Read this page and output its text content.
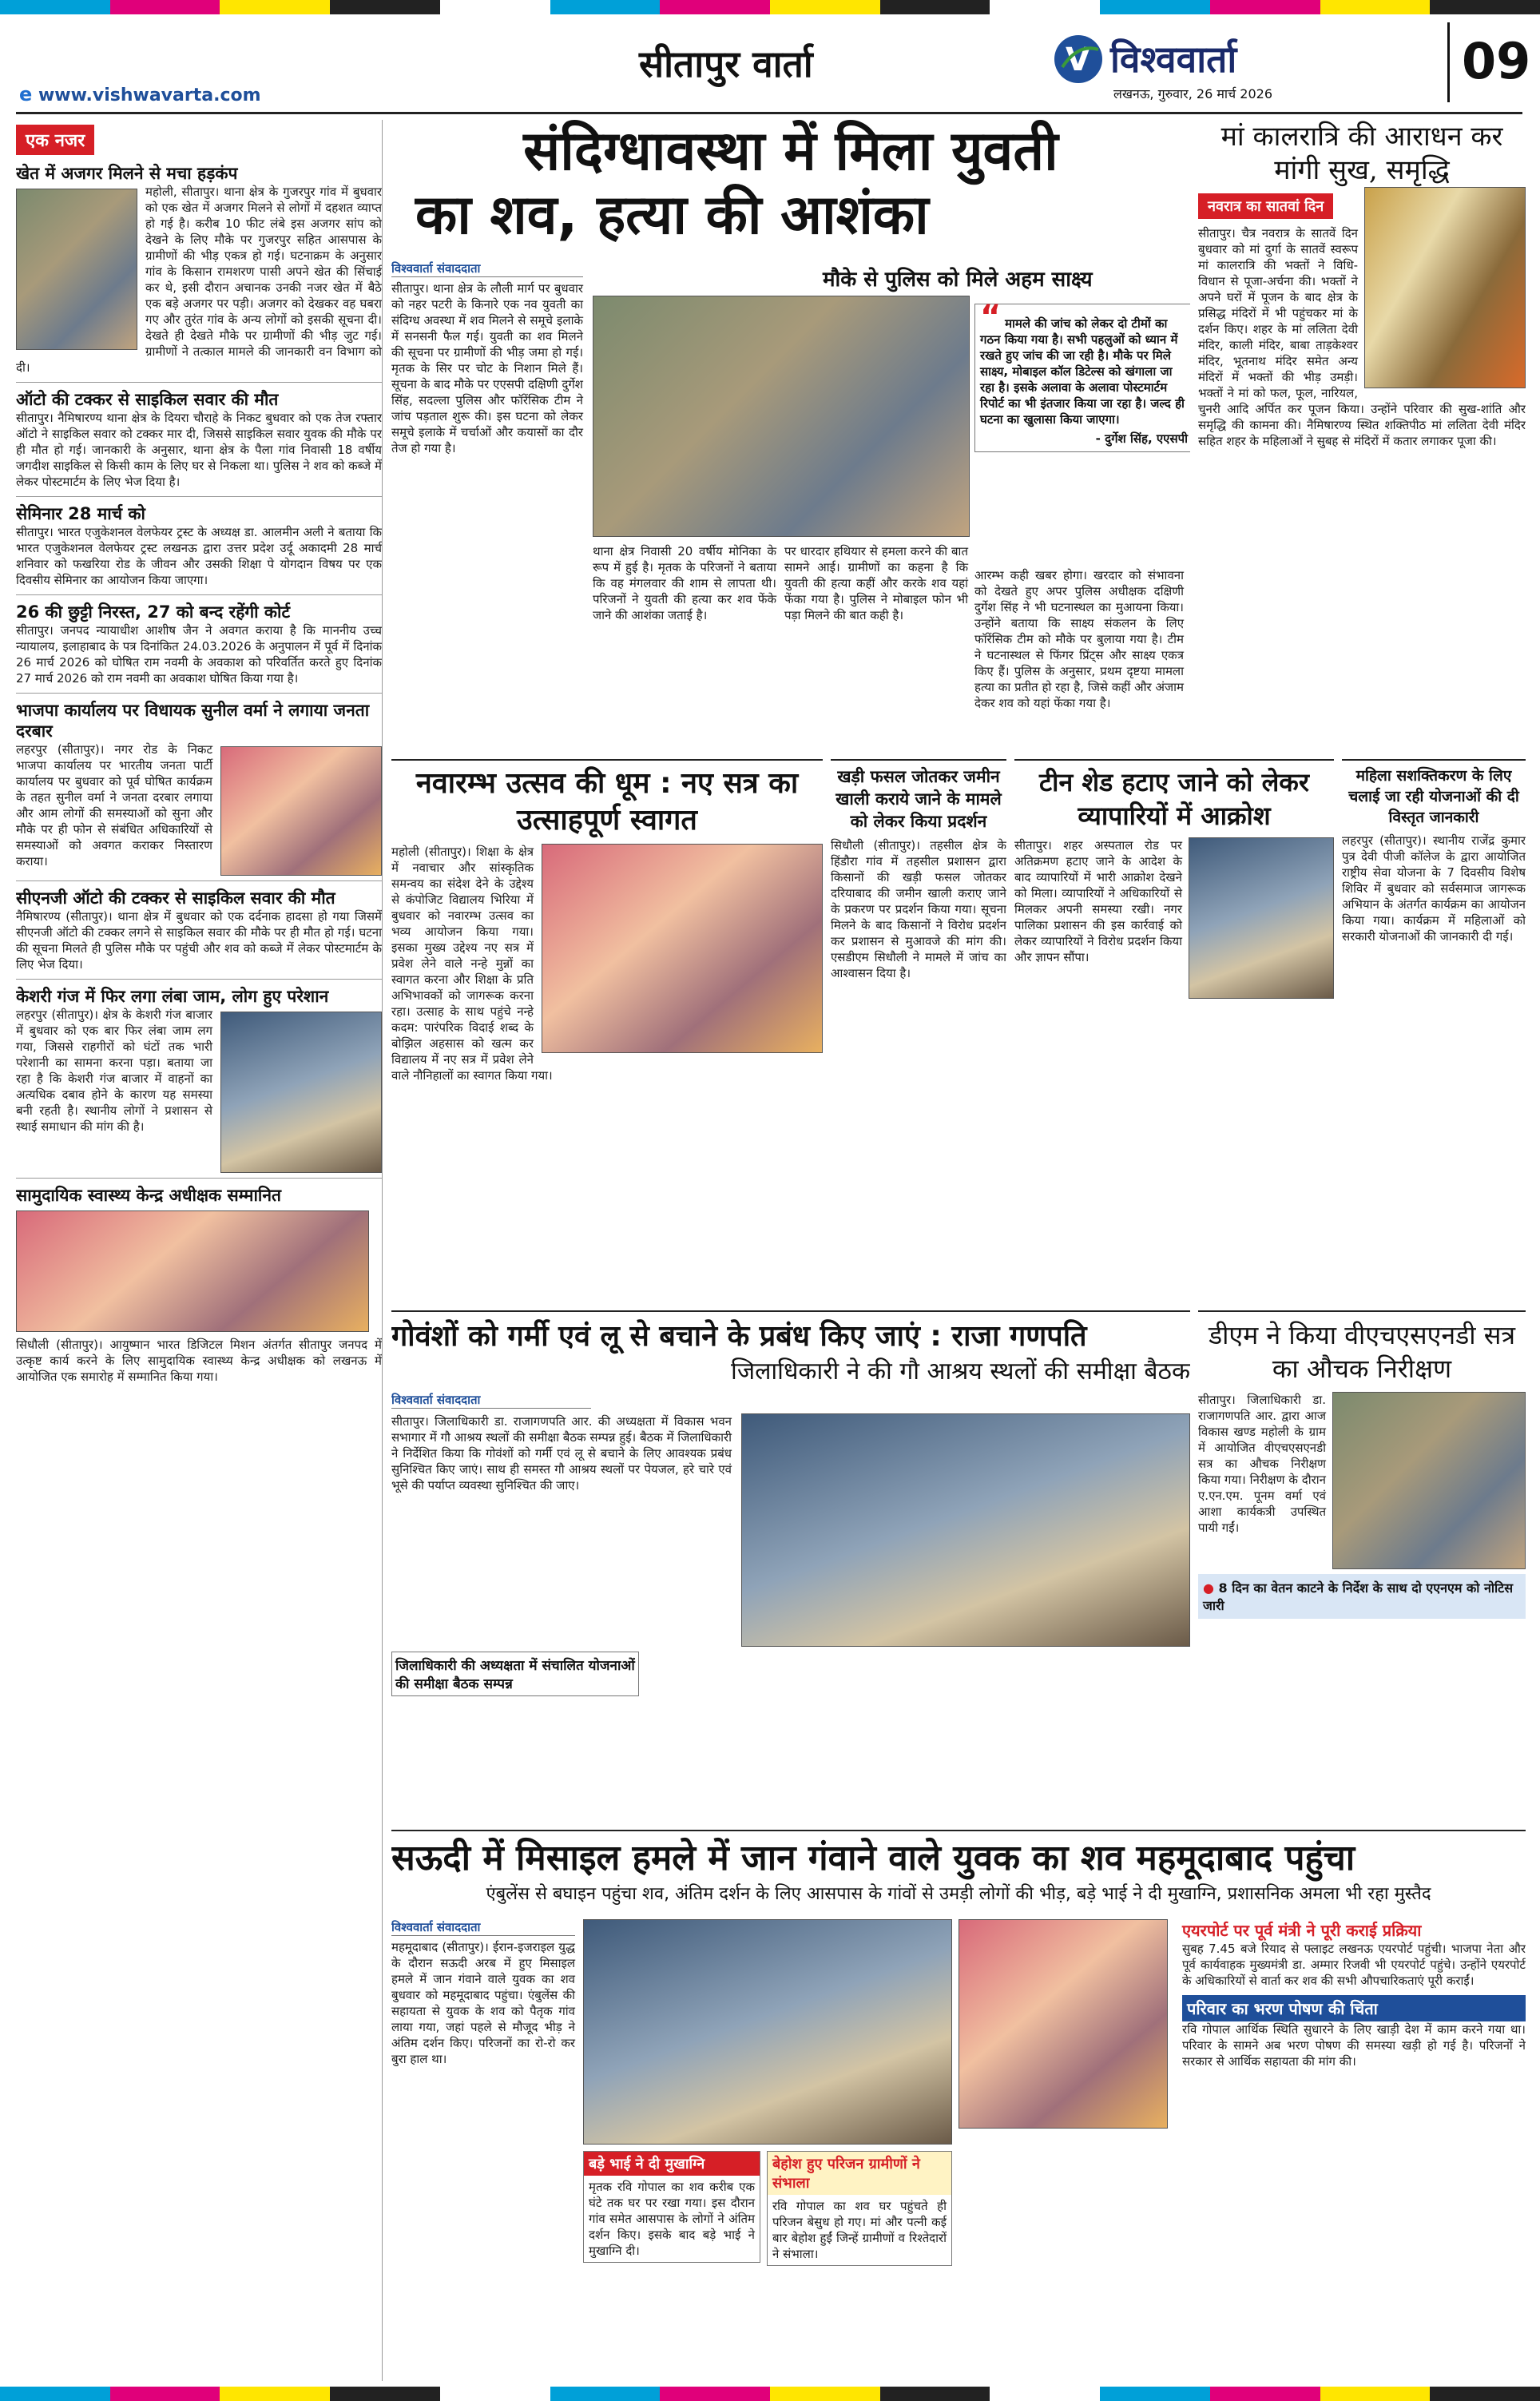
सीतापुर वार्ता	V विश्ववार्ता
लखनऊ, गुरुवार, 26 मार्च 2026
09
e www.vishwavarta.com
एक नजर
खेत में अजगर मिलने से मचा हड़कंप
महोली, सीतापुर। थाना क्षेत्र के गुजरपुर गांव में बुधवार को एक खेत में अजगर मिलने से लोगों में दहशत व्याप्त हो गई है। करीब 10 फीट लंबे इस अजगर सांप को देखने के लिए मौके पर गुजरपुर सहित आसपास के ग्रामीणों की भीड़ एकत्र हो गई। घटनाक्रम के अनुसार गांव के किसान रामशरण पासी अपने खेत की सिंचाई कर थे, इसी दौरान अचानक उनकी नजर खेत में बैठे एक बड़े अजगर पर पड़ी। अजगर को देखकर वह घबरा गए और तुरंत गांव के अन्य लोगों को इसकी सूचना दी। देखते ही देखते मौके पर ग्रामीणों की भीड़ जुट गई। ग्रामीणों ने तत्काल मामले की जानकारी वन विभाग को दी।
ऑटो की टक्कर से साइकिल सवार की मौत
सीतापुर। नैमिषारण्य थाना क्षेत्र के दियरा चौराहे के निकट बुधवार को एक तेज रफ्तार ऑटो ने साइकिल सवार को टक्कर मार दी, जिससे साइकिल सवार युवक की मौके पर ही मौत हो गई। जानकारी के अनुसार, थाना क्षेत्र के पैला गांव निवासी 18 वर्षीय जगदीश साइकिल से किसी काम के लिए घर से निकला था। पुलिस ने शव को कब्जे में लेकर पोस्टमार्टम के लिए भेज दिया है।
सेमिनार 28 मार्च को
सीतापुर। भारत एजुकेशनल वेलफेयर ट्रस्ट के अध्यक्ष डा. आलमीन अली ने बताया कि भारत एजुकेशनल वेलफेयर ट्रस्ट लखनऊ द्वारा उत्तर प्रदेश उर्दू अकादमी 28 मार्च शनिवार को फखरिया रोड के जीवन और उसकी शिक्षा पे योगदान विषय पर एक दिवसीय सेमिनार का आयोजन किया जाएगा।
26 की छुट्टी निरस्त, 27 को बन्द रहेंगी कोर्ट
सीतापुर। जनपद न्यायाधीश आशीष जैन ने अवगत कराया है कि माननीय उच्च न्यायालय, इलाहाबाद के पत्र दिनांकित 24.03.2026 के अनुपालन में पूर्व में दिनांक 26 मार्च 2026 को घोषित राम नवमी के अवकाश को परिवर्तित करते हुए दिनांक 27 मार्च 2026 को राम नवमी का अवकाश घोषित किया गया है।
भाजपा कार्यालय पर विधायक सुनील वर्मा ने लगाया जनता दरबार
लहरपुर (सीतापुर)। नगर रोड के निकट भाजपा कार्यालय पर भारतीय जनता पार्टी कार्यालय पर बुधवार को पूर्व घोषित कार्यक्रम के तहत सुनील वर्मा ने जनता दरबार लगाया और आम लोगों की समस्याओं को सुना और मौके पर ही फोन से संबंधित अधिकारियों से समस्याओं को अवगत कराकर निस्तारण कराया।
सीएनजी ऑटो की टक्कर से साइकिल सवार की मौत
नैमिषारण्य (सीतापुर)। थाना क्षेत्र में बुधवार को एक दर्दनाक हादसा हो गया जिसमें सीएनजी ऑटो की टक्कर लगने से साइकिल सवार की मौके पर ही मौत हो गई। घटना की सूचना मिलते ही पुलिस मौके पर पहुंची और शव को कब्जे में लेकर पोस्टमार्टम के लिए भेज दिया।
केशरी गंज में फिर लगा लंबा जाम, लोग हुए परेशान
लहरपुर (सीतापुर)। क्षेत्र के केशरी गंज बाजार में बुधवार को एक बार फिर लंबा जाम लग गया, जिससे राहगीरों को घंटों तक भारी परेशानी का सामना करना पड़ा। बताया जा रहा है कि केशरी गंज बाजार में वाहनों का अत्यधिक दबाव होने के कारण यह समस्या बनी रहती है। स्थानीय लोगों ने प्रशासन से स्थाई समाधान की मांग की है।
सामुदायिक स्वास्थ्य केन्द्र अधीक्षक सम्मानित
सिधौली (सीतापुर)। आयुष्मान भारत डिजिटल मिशन अंतर्गत सीतापुर जनपद में उत्कृष्ट कार्य करने के लिए सामुदायिक स्वास्थ्य केन्द्र अधीक्षक को लखनऊ में आयोजित एक समारोह में सम्मानित किया गया।
संदिग्धावस्था में मिला युवती
का शव, हत्या की आशंका
मौके से पुलिस को मिले अहम साक्ष्य
विश्ववार्ता संवाददाता
सीतापुर। थाना क्षेत्र के लौली मार्ग पर बुधवार को नहर पटरी के किनारे एक नव युवती का संदिग्ध अवस्था में शव मिलने से समूचे इलाके में सनसनी फैल गई। युवती का शव मिलने की सूचना पर ग्रामीणों की भीड़ जमा हो गई। मृतक के सिर पर चोट के निशान मिले हैं। सूचना के बाद मौके पर एएसपी दक्षिणी दुर्गेश सिंह, सदल्ला पुलिस और फॉरेंसिक टीम ने जांच पड़ताल शुरू की। इस घटना को लेकर समूचे इलाके में चर्चाओं और कयासों का दौर तेज हो गया है।
“ मामले की जांच को लेकर दो टीमों का गठन किया गया है। सभी पहलुओं को ध्यान में रखते हुए जांच की जा रही है। मौके पर मिले साक्ष्य, मोबाइल कॉल डिटेल्स को खंगाला जा रहा है। इसके अलावा के अलावा पोस्टमार्टम रिपोर्ट का भी इंतजार किया जा रहा है। जल्द ही घटना का खुलासा किया जाएगा।
- दुर्गेश सिंह, एएसपी
थाना क्षेत्र निवासी 20 वर्षीय मोनिका के रूप में हुई है। मृतक के परिजनों ने बताया कि वह मंगलवार की शाम से लापता थी। परिजनों ने युवती की हत्या कर शव फेंके जाने की आशंका जताई है।
पर धारदार हथियार से हमला करने की बात सामने आई। ग्रामीणों का कहना है कि युवती की हत्या कहीं और करके शव यहां फेंका गया है। पुलिस ने मोबाइल फोन भी पड़ा मिलने की बात कही है।
आरम्भ कही खबर होगा। खरदार को संभावना को देखते हुए अपर पुलिस अधीक्षक दक्षिणी दुर्गेश सिंह ने भी घटनास्थल का मुआयना किया। उन्होंने बताया कि साक्ष्य संकलन के लिए फॉरेंसिक टीम को मौके पर बुलाया गया है। टीम ने घटनास्थल से फिंगर प्रिंट्स और साक्ष्य एकत्र किए हैं। पुलिस के अनुसार, प्रथम दृष्टया मामला हत्या का प्रतीत हो रहा है, जिसे कहीं और अंजाम देकर शव को यहां फेंका गया है।
मां कालरात्रि की आराधन कर मांगी सुख, समृद्धि
नवरात्र का सातवां दिन
सीतापुर। चैत्र नवरात्र के सातवें दिन बुधवार को मां दुर्गा के सातवें स्वरूप मां कालरात्रि की भक्तों ने विधि-विधान से पूजा-अर्चना की। भक्तों ने अपने घरों में पूजन के बाद क्षेत्र के प्रसिद्ध मंदिरों में भी पहुंचकर मां के दर्शन किए। शहर के मां ललिता देवी मंदिर, काली मंदिर, बाबा ताड़केश्वर मंदिर, भूतनाथ मंदिर समेत अन्य मंदिरों में भक्तों की भीड़ उमड़ी। भक्तों ने मां को फल, फूल, नारियल, चुनरी आदि अर्पित कर पूजन किया। उन्होंने परिवार की सुख-शांति और समृद्धि की कामना की। नैमिषारण्य स्थित शक्तिपीठ मां ललिता देवी मंदिर सहित शहर के महिलाओं ने सुबह से मंदिरों में कतार लगाकर पूजा की।
नवारम्भ उत्सव की धूम : नए सत्र का उत्साहपूर्ण स्वागत
महोली (सीतापुर)। शिक्षा के क्षेत्र में नवाचार और सांस्कृतिक समन्वय का संदेश देने के उद्देश्य से कंपोजिट विद्यालय भिरिया में बुधवार को नवारम्भ उत्सव का भव्य आयोजन किया गया। इसका मुख्य उद्देश्य नए सत्र में प्रवेश लेने वाले नन्हे मुन्नों का स्वागत करना और शिक्षा के प्रति अभिभावकों को जागरूक करना रहा। उत्साह के साथ पहुंचे नन्हे कदम: पारंपरिक विदाई शब्द के बोझिल अहसास को खत्म कर विद्यालय में नए सत्र में प्रवेश लेने वाले नौनिहालों का स्वागत किया गया।
खड़ी फसल जोतकर जमीन खाली कराये जाने के मामले को लेकर किया प्रदर्शन
सिधौली (सीतापुर)। तहसील क्षेत्र के हिंडौरा गांव में तहसील प्रशासन द्वारा किसानों की खड़ी फसल जोतकर दरियाबाद की जमीन खाली कराए जाने के प्रकरण पर प्रदर्शन किया गया। सूचना मिलने के बाद किसानों ने विरोध प्रदर्शन कर प्रशासन से मुआवजे की मांग की। एसडीएम सिधौली ने मामले में जांच का आश्वासन दिया है।
टीन शेड हटाए जाने को लेकर व्यापारियों में आक्रोश
सीतापुर। शहर अस्पताल रोड पर अतिक्रमण हटाए जाने के आदेश के बाद व्यापारियों में भारी आक्रोश देखने को मिला। व्यापारियों ने अधिकारियों से मिलकर अपनी समस्या रखी। नगर पालिका प्रशासन की इस कार्रवाई को लेकर व्यापारियों ने विरोध प्रदर्शन किया और ज्ञापन सौंपा।
महिला सशक्तिकरण के लिए चलाई जा रही योजनाओं की दी विस्तृत जानकारी
लहरपुर (सीतापुर)। स्थानीय राजेंद्र कुमार पुत्र देवी पीजी कॉलेज के द्वारा आयोजित राष्ट्रीय सेवा योजना के 7 दिवसीय विशेष शिविर में बुधवार को सर्वसमाज जागरूक अभियान के अंतर्गत कार्यक्रम का आयोजन किया गया। कार्यक्रम में महिलाओं को सरकारी योजनाओं की जानकारी दी गई।
गोवंशों को गर्मी एवं लू से बचाने के प्रबंध किए जाएं : राजा गणपति
जिलाधिकारी ने की गौ आश्रय स्थलों की समीक्षा बैठक
विश्ववार्ता संवाददाता
सीतापुर। जिलाधिकारी डा. राजागणपति आर. की अध्यक्षता में विकास भवन सभागार में गौ आश्रय स्थलों की समीक्षा बैठक सम्पन्न हुई। बैठक में जिलाधिकारी ने निर्देशित किया कि गोवंशों को गर्मी एवं लू से बचाने के लिए आवश्यक प्रबंध सुनिश्चित किए जाएं। साथ ही समस्त गौ आश्रय स्थलों पर पेयजल, हरे चारे एवं भूसे की पर्याप्त व्यवस्था सुनिश्चित की जाए।
जिलाधिकारी की अध्यक्षता में संचालित योजनाओं की समीक्षा बैठक सम्पन्न
डीएम ने किया वीएचएसएनडी सत्र का औचक निरीक्षण
सीतापुर। जिलाधिकारी डा. राजागणपति आर. द्वारा आज विकास खण्ड महोली के ग्राम में आयोजित वीएचएसएनडी सत्र का औचक निरीक्षण किया गया। निरीक्षण के दौरान ए.एन.एम. पूनम वर्मा एवं आशा कार्यकत्री उपस्थित पायी गईं।
● 8 दिन का वेतन काटने के निर्देश के साथ दो एएनएम को नोटिस जारी
सऊदी में मिसाइल हमले में जान गंवाने वाले युवक का शव महमूदाबाद पहुंचा
एंबुलेंस से बघाइन पहुंचा शव, अंतिम दर्शन के लिए आसपास के गांवों से उमड़ी लोगों की भीड़, बड़े भाई ने दी मुखाग्नि, प्रशासनिक अमला भी रहा मुस्तैद
विश्ववार्ता संवाददाता
महमूदाबाद (सीतापुर)। ईरान-इजराइल युद्ध के दौरान सऊदी अरब में हुए मिसाइल हमले में जान गंवाने वाले युवक का शव बुधवार को महमूदाबाद पहुंचा। एंबुलेंस की सहायता से युवक के शव को पैतृक गांव लाया गया, जहां पहले से मौजूद भीड़ ने अंतिम दर्शन किए। परिजनों का रो-रो कर बुरा हाल था।
बड़े भाई ने दी मुखाग्नि
मृतक रवि गोपाल का शव करीब एक घंटे तक घर पर रखा गया। इस दौरान गांव समेत आसपास के लोगों ने अंतिम दर्शन किए। इसके बाद बड़े भाई ने मुखाग्नि दी।
बेहोश हुए परिजन ग्रामीणों ने संभाला
रवि गोपाल का शव घर पहुंचते ही परिजन बेसुध हो गए। मां और पत्नी कई बार बेहोश हुईं जिन्हें ग्रामीणों व रिश्तेदारों ने संभाला।
एयरपोर्ट पर पूर्व मंत्री ने पूरी कराई प्रक्रिया
सुबह 7.45 बजे रियाद से फ्लाइट लखनऊ एयरपोर्ट पहुंची। भाजपा नेता और पूर्व कार्यवाहक मुख्यमंत्री डा. अम्मार रिजवी भी एयरपोर्ट पहुंचे। उन्होंने एयरपोर्ट के अधिकारियों से वार्ता कर शव की सभी औपचारिकताएं पूरी कराईं।
परिवार का भरण पोषण की चिंता
रवि गोपाल आर्थिक स्थिति सुधारने के लिए खाड़ी देश में काम करने गया था। परिवार के सामने अब भरण पोषण की समस्या खड़ी हो गई है। परिजनों ने सरकार से आर्थिक सहायता की मांग की।
